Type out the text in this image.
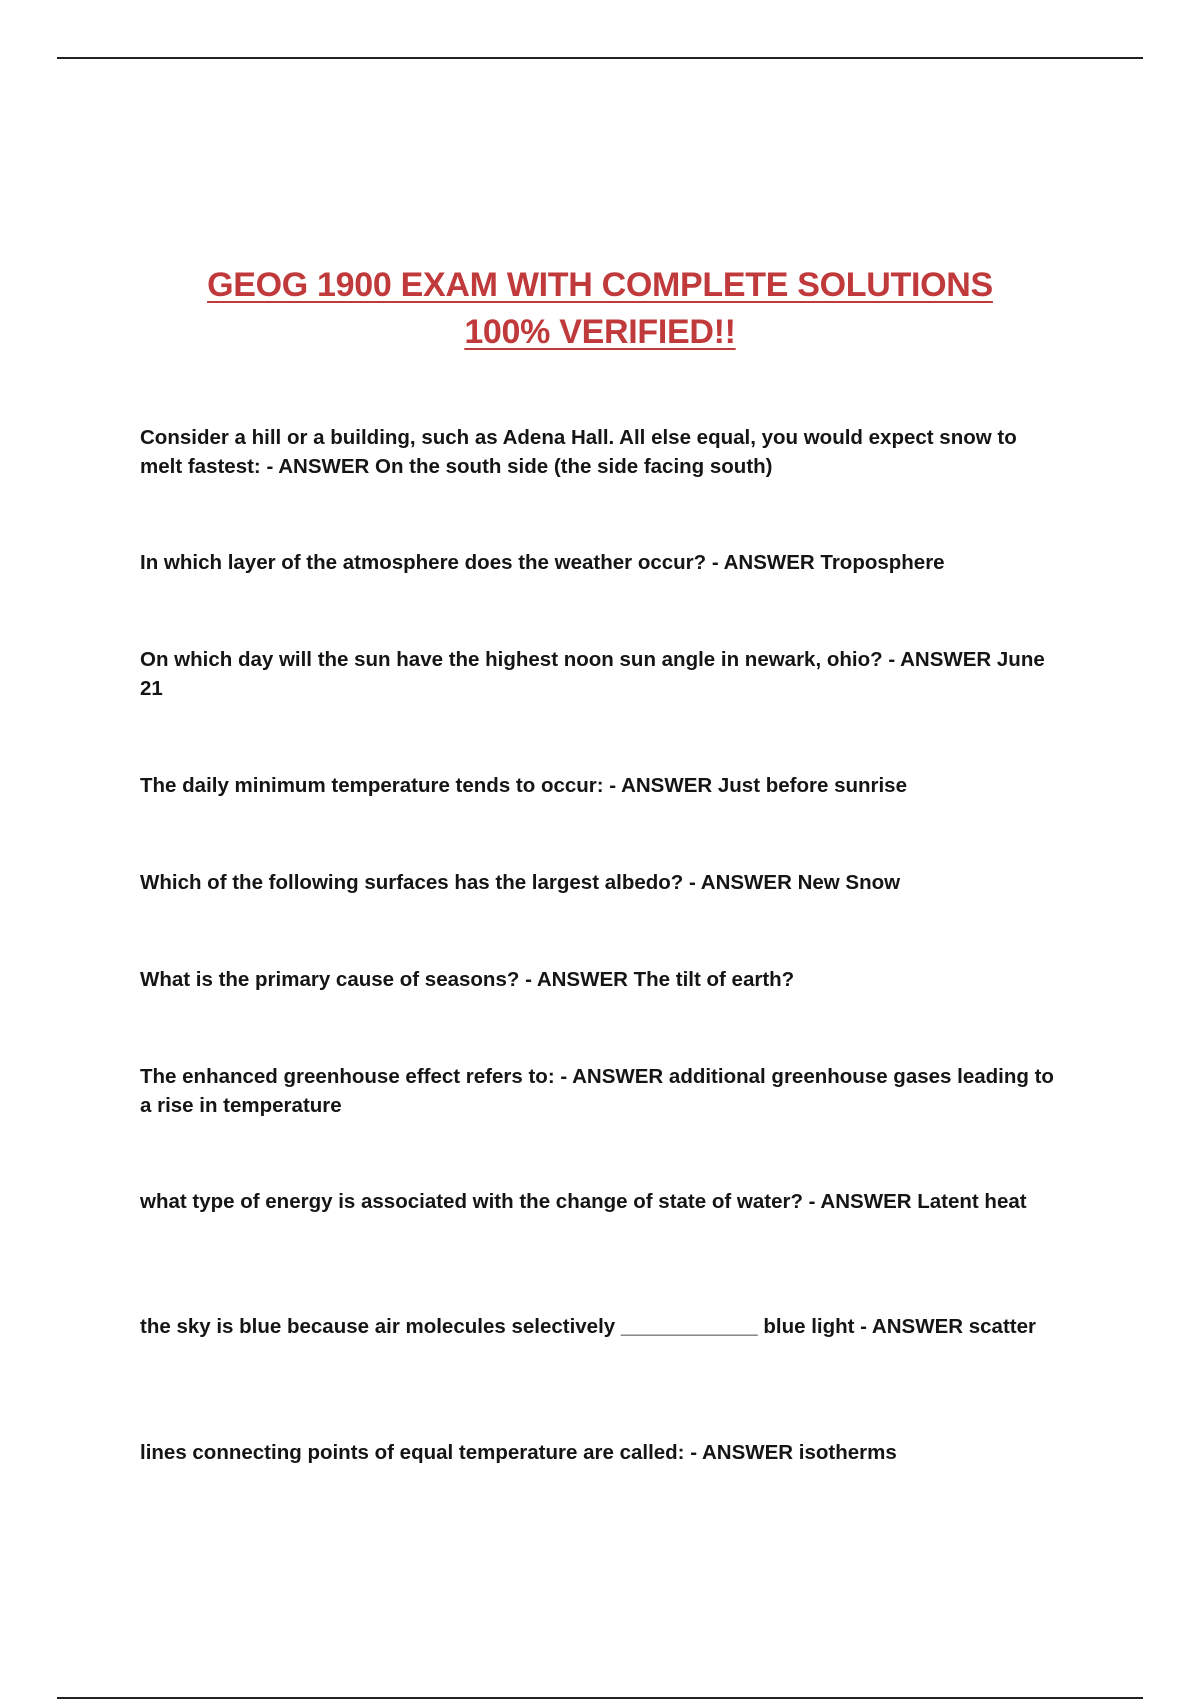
GEOG 1900 EXAM WITH COMPLETE SOLUTIONS
100% VERIFIED!!

Consider a hill or a building, such as Adena Hall. All else equal, you would expect snow to melt fastest: - ANSWER On the south side (the side facing south)

In which layer of the atmosphere does the weather occur? - ANSWER Troposphere

On which day will the sun have the highest noon sun angle in newark, ohio? - ANSWER June 21

The daily minimum temperature tends to occur: - ANSWER Just before sunrise

Which of the following surfaces has the largest albedo? - ANSWER New Snow

What is the primary cause of seasons? - ANSWER The tilt of earth?

The enhanced greenhouse effect refers to: - ANSWER additional greenhouse gases leading to a rise in temperature

what type of energy is associated with the change of state of water? - ANSWER Latent heat

the sky is blue because air molecules selectively ____________ blue light - ANSWER scatter

lines connecting points of equal temperature are called: - ANSWER isotherms
